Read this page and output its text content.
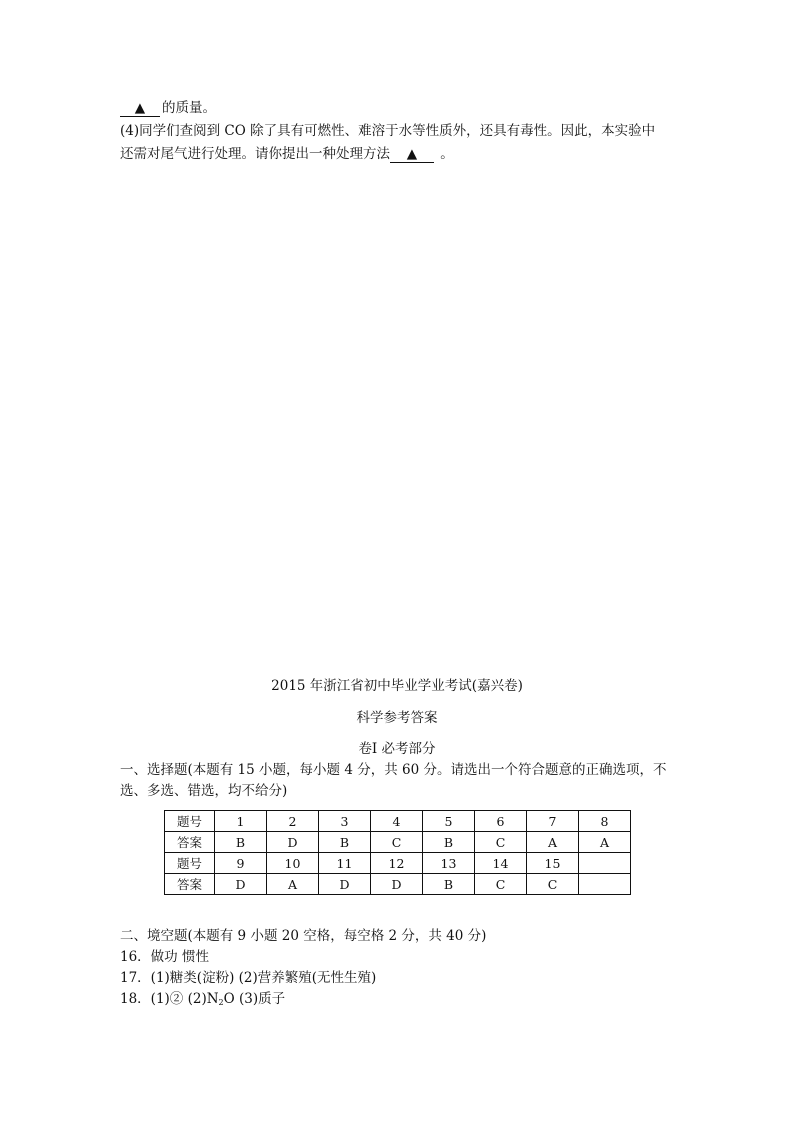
▲ 的质量。
(4)同学们查阅到 CO 除了具有可燃性、难溶于水等性质外，还具有毒性。因此，本实验中
还需对尾气进行处理。请你提出一种处理方法 ▲ 。
2015 年浙江省初中毕业学业考试(嘉兴卷)
科学参考答案
卷Ⅰ 必考部分
一、选择题(本题有 15 小题，每小题 4 分，共 60 分。请选出一个符合题意的正确选项，不
选、多选、错选，均不给分)
题号	1	2	3	4	5	6	7	8
答案	B	D	B	C	B	C	A	A
题号	9	10	11	12	13	14	15	
答案	D	A	D	D	B	C	C	
二、境空题(本题有 9 小题 20 空格，每空格 2 分，共 40 分)
16．做功 惯性
17．(1)糖类(淀粉) (2)营养繁殖(无性生殖)
18．(1)② $(2)N_2O$ (3)质子
